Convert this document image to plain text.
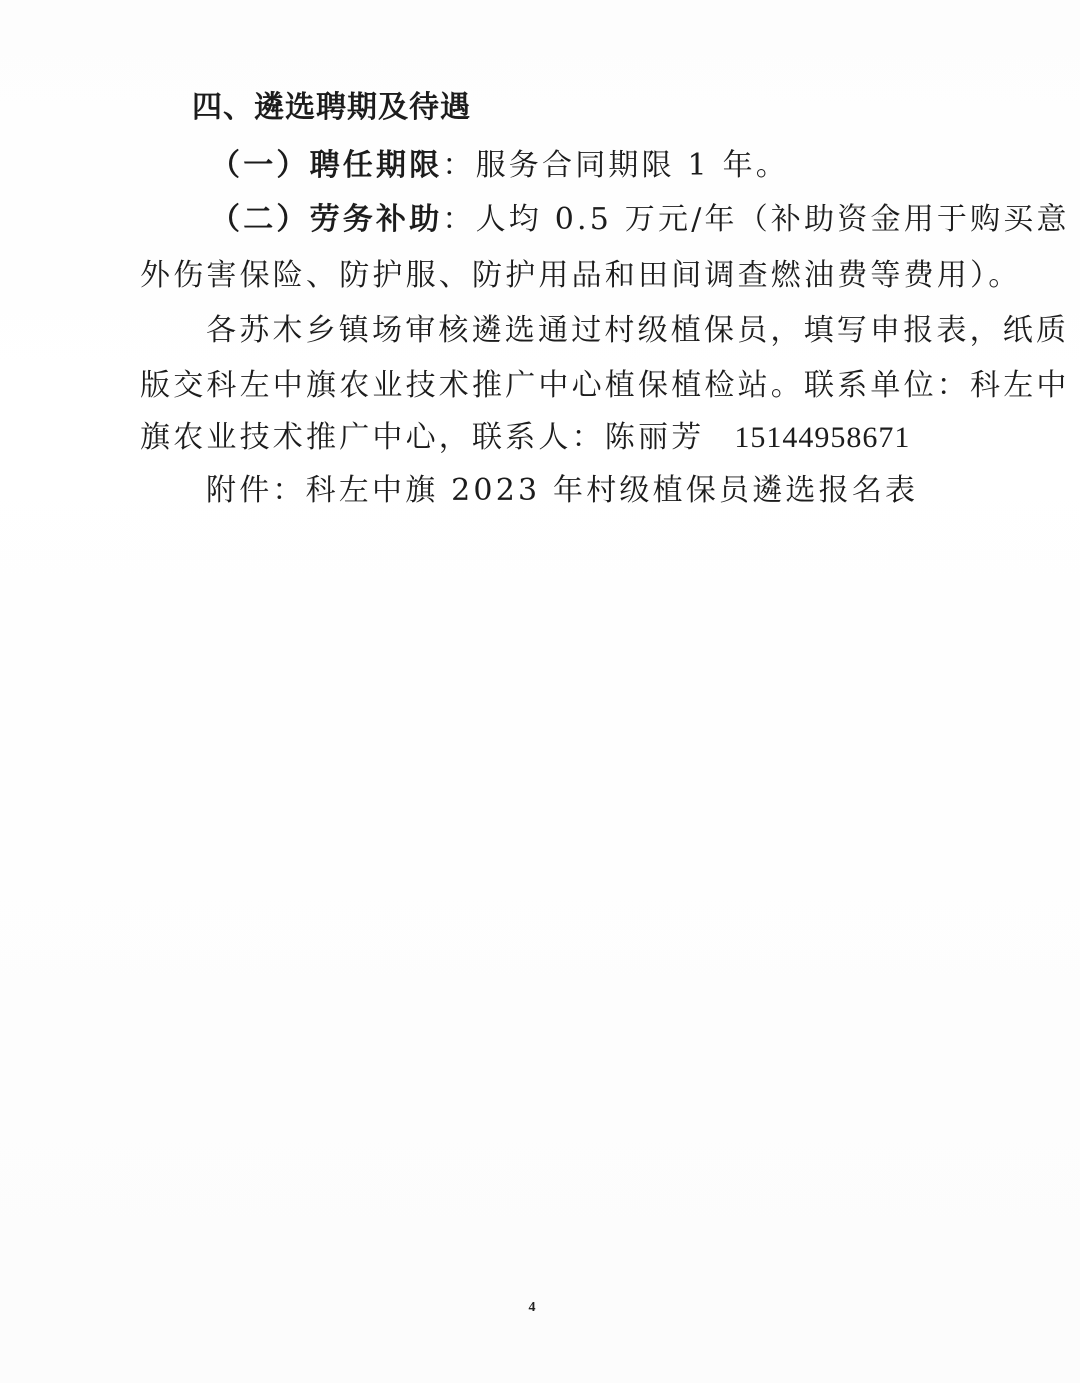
四、遴选聘期及待遇
（一）聘任期限：服务合同期限 1 年。
（二）劳务补助：人均 0.5 万元/年（补助资金用于购买意
外伤害保险、防护服、防护用品和田间调查燃油费等费用）。
各苏木乡镇场审核遴选通过村级植保员，填写申报表，纸质
版交科左中旗农业技术推广中心植保植检站。联系单位：科左中
旗农业技术推广中心，联系人：陈丽芳 15144958671
附件：科左中旗 2023 年村级植保员遴选报名表
4
